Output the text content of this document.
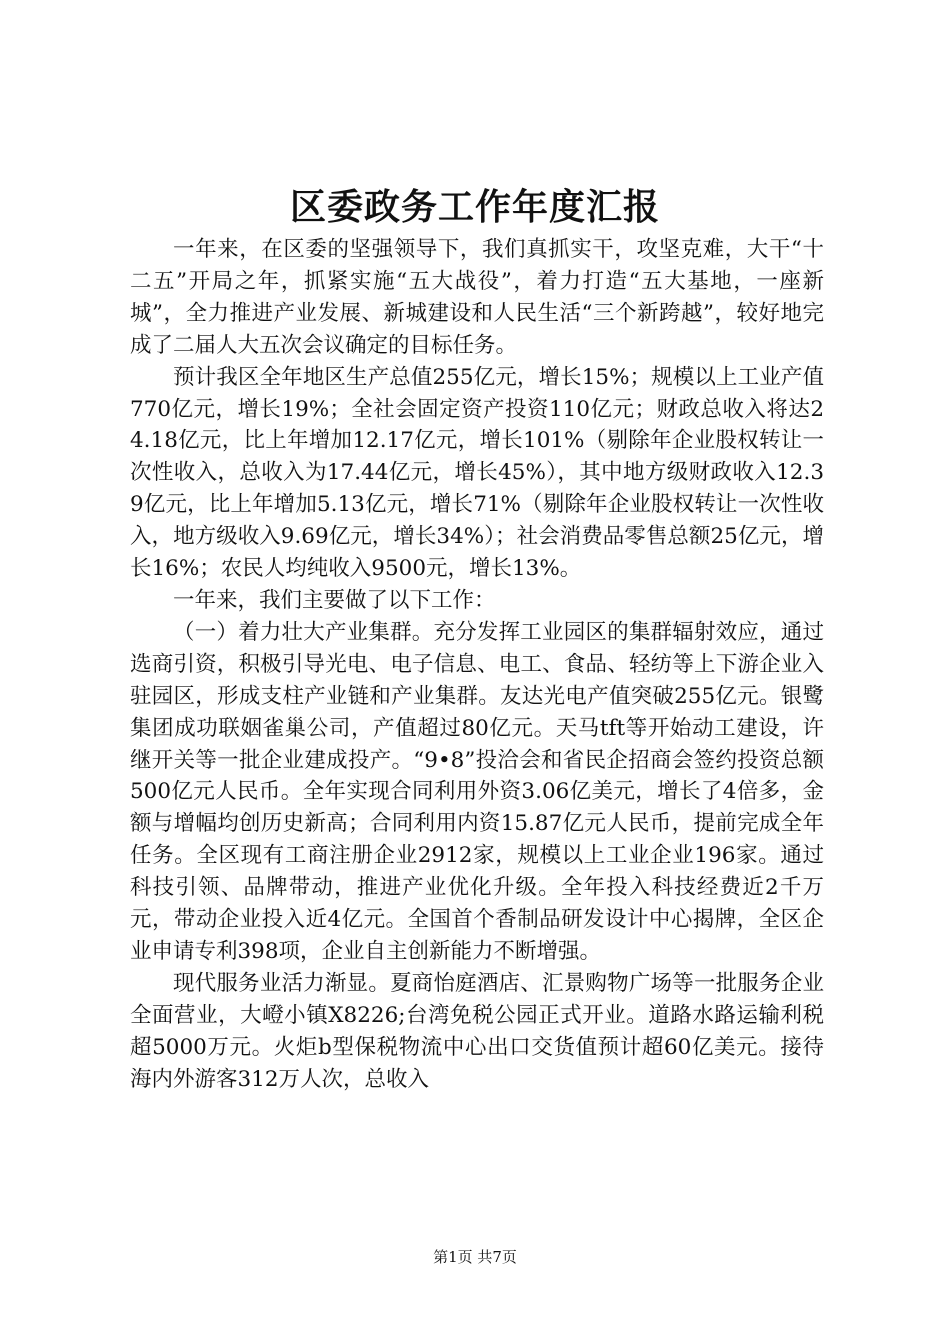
区委政务工作年度汇报

一年来，在区委的坚强领导下，我们真抓实干，攻坚克难，大干“十二五”开局之年，抓紧实施“五大战役”，着力打造“五大基地，一座新城”，全力推进产业发展、新城建设和人民生活“三个新跨越”，较好地完成了二届人大五次会议确定的目标任务。

预计我区全年地区生产总值255亿元，增长15%；规模以上工业产值770亿元，增长19%；全社会固定资产投资110亿元；财政总收入将达24.18亿元，比上年增加12.17亿元，增长101%（剔除年企业股权转让一次性收入，总收入为17.44亿元，增长45%），其中地方级财政收入12.39亿元，比上年增加5.13亿元，增长71%（剔除年企业股权转让一次性收入，地方级收入9.69亿元，增长34%）；社会消费品零售总额25亿元，增长16%；农民人均纯收入9500元，增长13%。

一年来，我们主要做了以下工作：

（一）着力壮大产业集群。充分发挥工业园区的集群辐射效应，通过选商引资，积极引导光电、电子信息、电工、食品、轻纺等上下游企业入驻园区，形成支柱产业链和产业集群。友达光电产值突破255亿元。银鹭集团成功联姻雀巢公司，产值超过80亿元。天马tft等开始动工建设，许继开关等一批企业建成投产。“9•8”投洽会和省民企招商会签约投资总额500亿元人民币。全年实现合同利用外资3.06亿美元，增长了4倍多，金额与增幅均创历史新高；合同利用内资15.87亿元人民币，提前完成全年任务。全区现有工商注册企业2912家，规模以上工业企业196家。通过科技引领、品牌带动，推进产业优化升级。全年投入科技经费近2千万元，带动企业投入近4亿元。全国首个香制品研发设计中心揭牌，全区企业申请专利398项，企业自主创新能力不断增强。

现代服务业活力渐显。夏商怡庭酒店、汇景购物广场等一批服务企业全面营业，大嶝小镇X8226;台湾免税公园正式开业。道路水路运输利税超5000万元。火炬b型保税物流中心出口交货值预计超60亿美元。接待海内外游客312万人次，总收入

第1页 共7页
